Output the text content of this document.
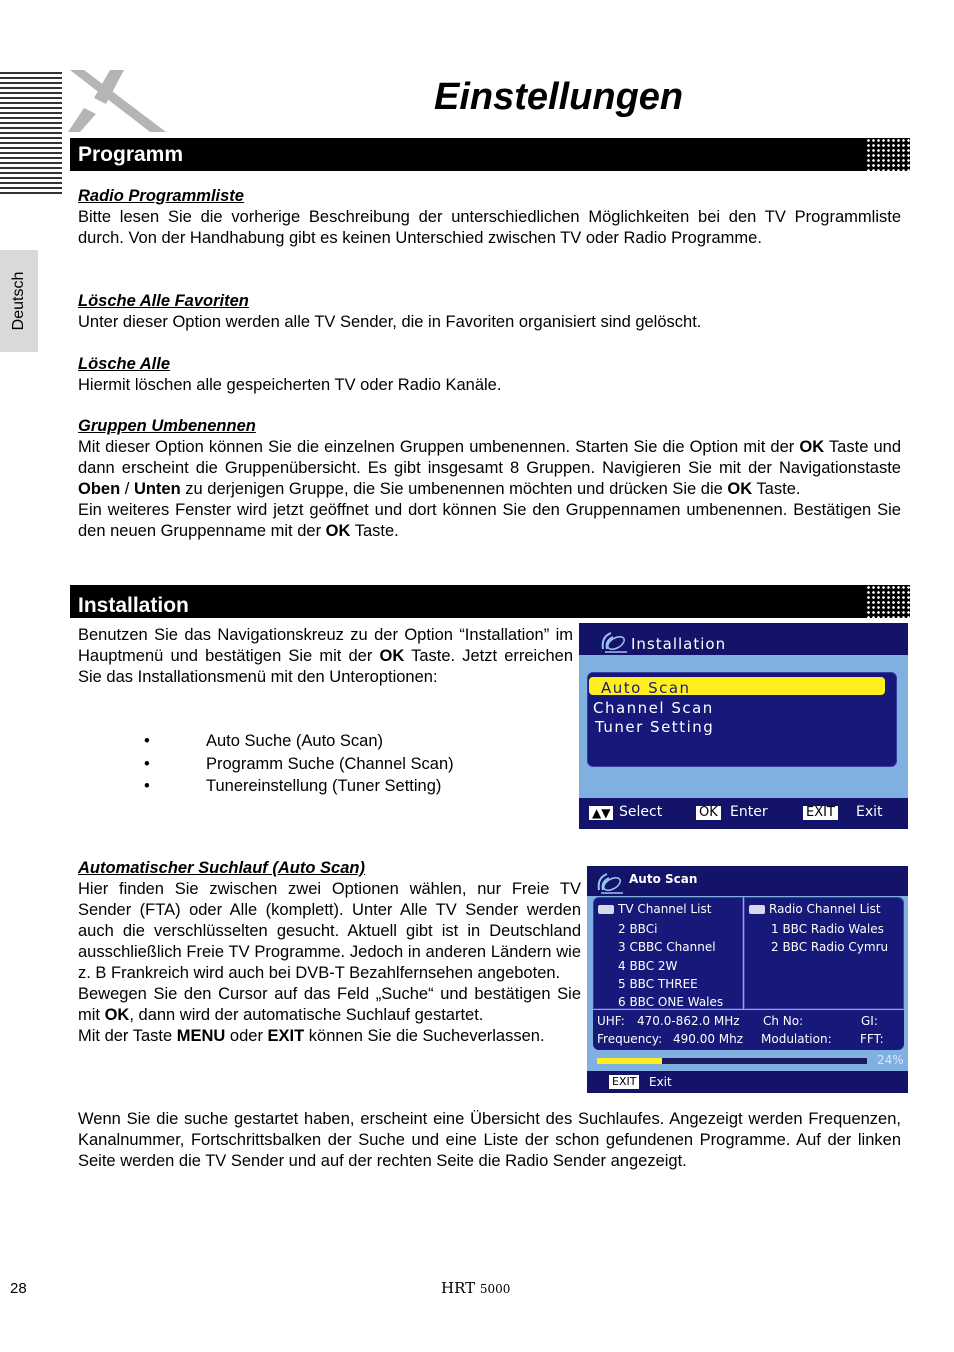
Deutsch
Einstellungen
Programm
Radio Programmliste
Bitte lesen Sie die vorherige Beschreibung der unterschiedlichen Möglichkeiten bei den TV Programmliste durch. Von der Handhabung gibt es keinen Unterschied zwischen TV oder Radio Programme.
Lösche Alle Favoriten
Unter dieser Option werden alle TV Sender, die in Favoriten organisiert sind gelöscht.
Lösche Alle
Hiermit löschen alle gespeicherten TV oder Radio Kanäle.
Gruppen Umbenennen
Mit dieser Option können Sie die einzelnen Gruppen umbenennen. Starten Sie die Option mit der OK Taste und dann erscheint die Gruppenübersicht. Es gibt insgesamt 8 Gruppen. Navigieren Sie mit der Navigationstaste Oben / Unten zu derjenigen Gruppe, die Sie umbenennen möchten und drücken Sie die OK Taste.
Ein weiteres Fenster wird jetzt geöffnet und dort können Sie den Gruppennamen umbenennen. Bestätigen Sie den neuen Gruppenname mit der OK Taste.
Installation
Benutzen Sie das Navigationskreuz zu der Option “Installation” im Hauptmenü und bestätigen Sie mit der OK Taste. Jetzt erreichen Sie das Installationsmenü mit den Unteroptionen:
• Auto Suche (Auto Scan)
• Programm Suche (Channel Scan)
• Tunereinstellung (Tuner Setting)
Installation
Auto Scan
Channel Scan
Tuner Setting
▲▼ Select	OK Enter	EXIT Exit
Automatischer Suchlauf (Auto Scan)
Hier finden Sie zwischen zwei Optionen wählen, nur Freie TV Sender (FTA) oder Alle (komplett). Unter Alle TV Sender werden auch die verschlüsselten gesucht. Aktuell gibt ist in Deutschland ausschließlich Freie TV Programme. Jedoch in anderen Ländern wie z. B Frankreich wird auch bei DVB-T Bezahlfernsehen angeboten.
Bewegen Sie den Cursor auf das Feld „Suche“ und bestätigen Sie mit OK, dann wird der automatische Suchlauf gestartet.
Mit der Taste MENU oder EXIT können Sie die Sucheverlassen.
Wenn Sie die suche gestartet haben, erscheint eine Übersicht des Suchlaufes. Angezeigt werden Frequenzen, Kanalnummer, Fortschrittsbalken der Suche und eine Liste der schon gefundenen Programme. Auf der linken Seite werden die TV Sender und auf der rechten Seite die Radio Sender angezeigt.
Auto Scan
TV Channel List
2 BBCi
3 CBBC Channel
4 BBC 2W
5 BBC THREE
6 BBC ONE Wales
Radio Channel List
1 BBC Radio Wales
2 BBC Radio Cymru
UHF: 470.0-862.0 MHz Ch No:	GI:
Frequency: 490.00 Mhz Modulation: FFT:
24%
EXIT Exit
28	HRT 5000
